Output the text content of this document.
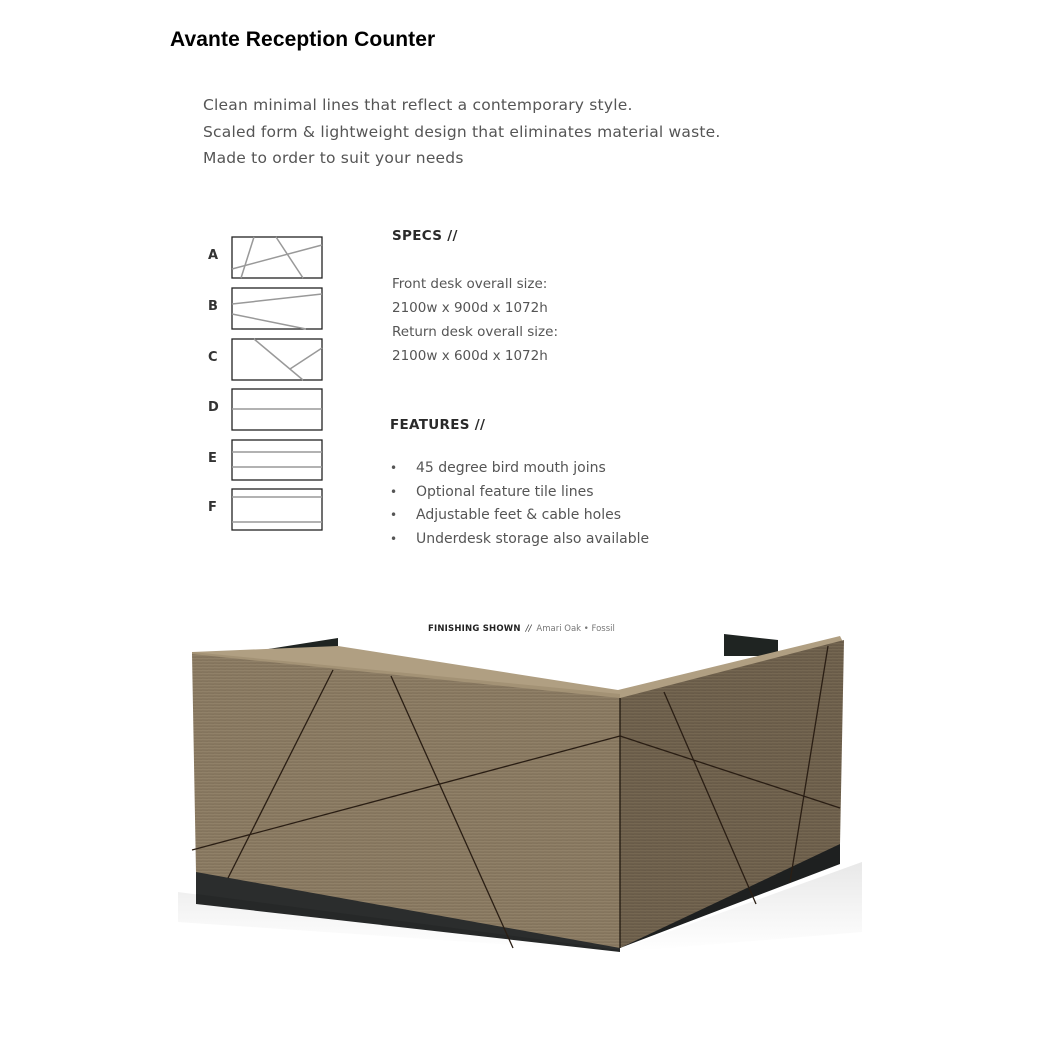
Avante Reception Counter
Clean minimal lines that reflect a contemporary style.
Scaled form & lightweight design that eliminates material waste.
Made to order to suit your needs
A
B
C
D
E
F
SPECS //
Front desk overall size:
2100w x 900d x 1072h
Return desk overall size:
2100w x 600d x 1072h
FEATURES //
• 45 degree bird mouth joins
• Optional feature tile lines
• Adjustable feet & cable holes
• Underdesk storage also available
FINISHING SHOWN // Amari Oak • Fossil
